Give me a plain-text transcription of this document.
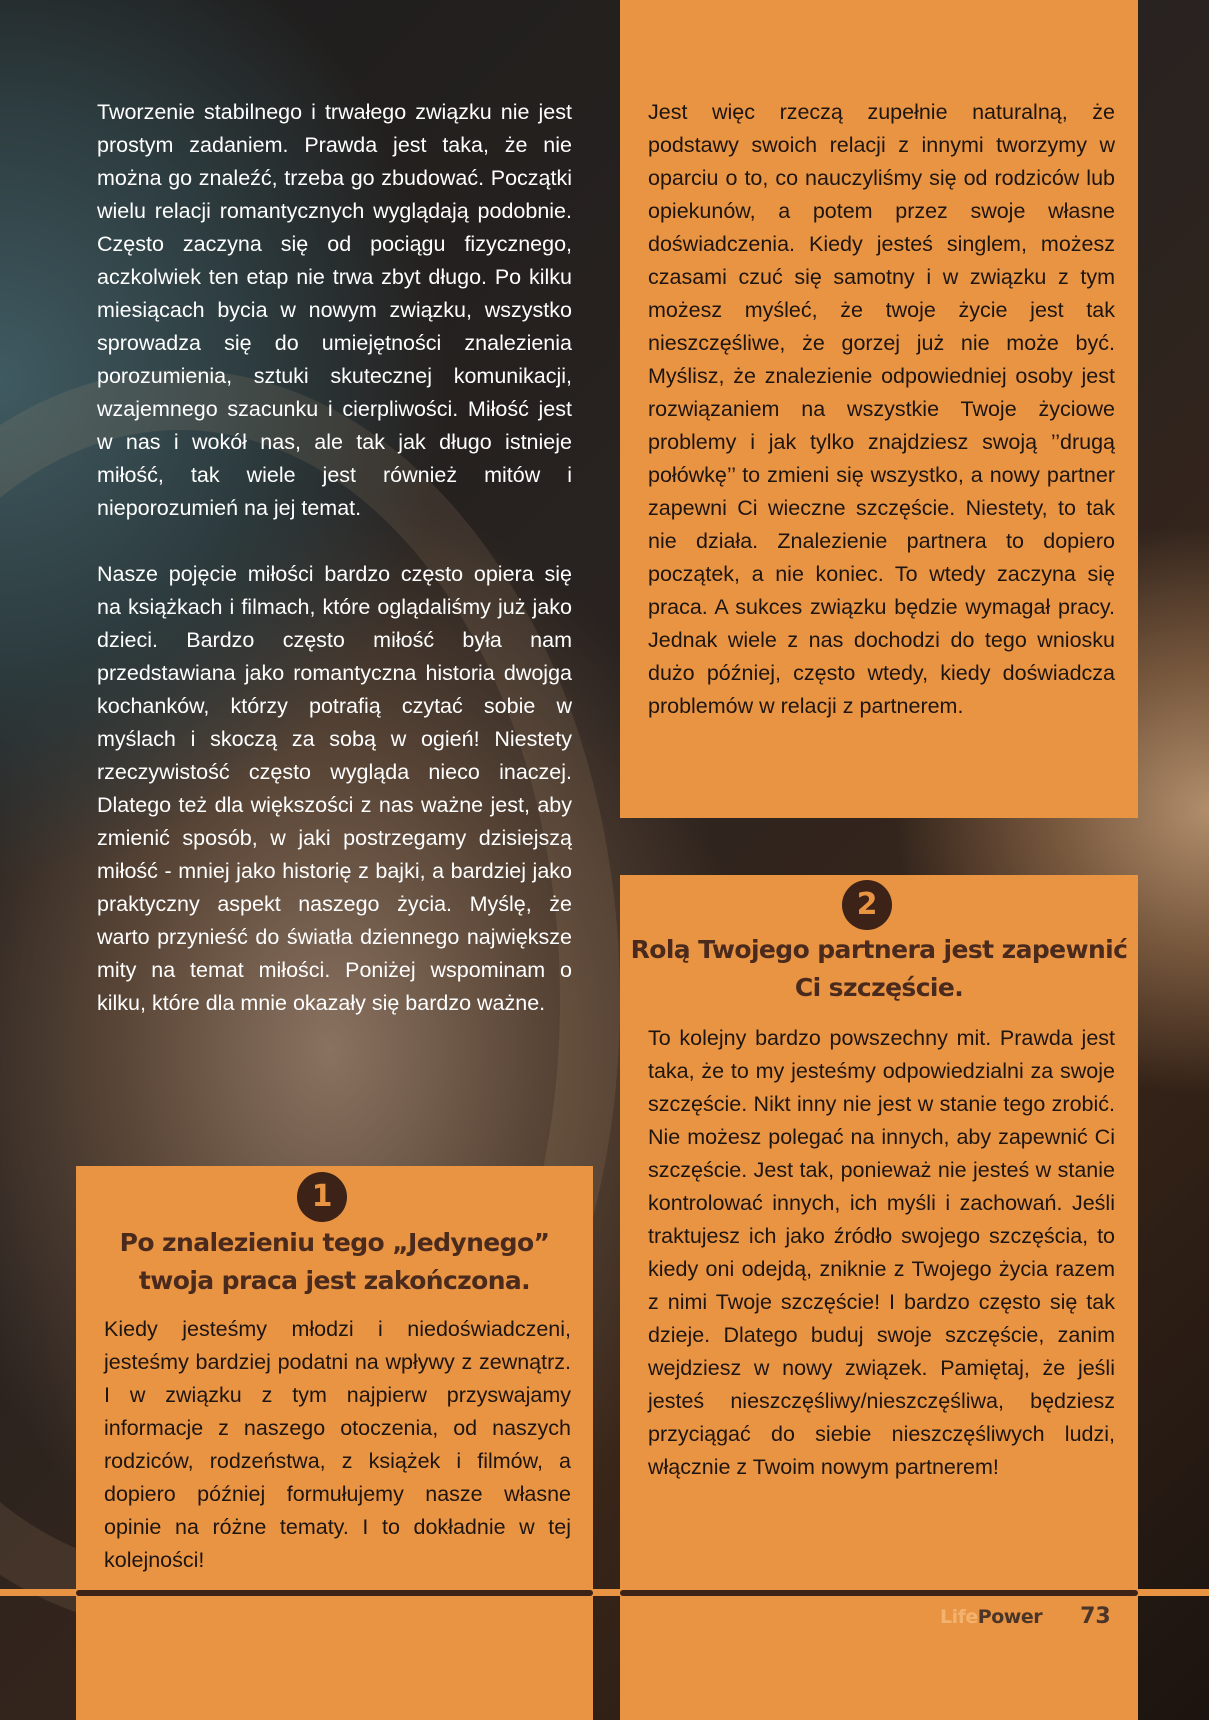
Tworzenie stabilnego i trwałego związku nie jest prostym zadaniem. Prawda jest taka, że nie można go znaleźć, trzeba go zbudować. Początki wielu relacji romantycznych wyglądają podobnie. Często zaczyna się od pociągu fizycznego, aczkolwiek ten etap nie trwa zbyt długo. Po kilku miesiącach bycia w nowym związku, wszystko sprowadza się do umiejętności znalezienia porozumienia, sztuki skutecznej komunikacji, wzajemnego szacunku i cierpliwości. Miłość jest w nas i wokół nas, ale tak jak długo istnieje miłość, tak wiele jest również mitów i nieporozumień na jej temat.

Nasze pojęcie miłości bardzo często opiera się na książkach i filmach, które oglądaliśmy już jako dzieci. Bardzo często miłość była nam przedstawiana jako romantyczna historia dwojga kochanków, którzy potrafią czytać sobie w myślach i skoczą za sobą w ogień! Niestety rzeczywistość często wygląda nieco inaczej. Dlatego też dla większości z nas ważne jest, aby zmienić sposób, w jaki postrzegamy dzisiejszą miłość - mniej jako historię z bajki, a bardziej jako praktyczny aspekt naszego życia. Myślę, że warto przynieść do światła dziennego największe mity na temat miłości. Poniżej wspominam o kilku, które dla mnie okazały się bardzo ważne.

Jest więc rzeczą zupełnie naturalną, że podstawy swoich relacji z innymi tworzymy w oparciu o to, co nauczyliśmy się od rodziców lub opiekunów, a potem przez swoje własne doświadczenia. Kiedy jesteś singlem, możesz czasami czuć się samotny i w związku z tym możesz myśleć, że twoje życie jest tak nieszczęśliwe, że gorzej już nie może być. Myślisz, że znalezienie odpowiedniej osoby jest rozwiązaniem na wszystkie Twoje życiowe problemy i jak tylko znajdziesz swoją ’’drugą połówkę’’ to zmieni się wszystko, a nowy partner zapewni Ci wieczne szczęście. Niestety, to tak nie działa. Znalezienie partnera to dopiero początek, a nie koniec. To wtedy zaczyna się praca. A sukces związku będzie wymagał pracy. Jednak wiele z nas dochodzi do tego wniosku dużo później, często wtedy, kiedy doświadcza problemów w relacji z partnerem.

2
Rolą Twojego partnera jest zapewnić
Ci szczęście.

To kolejny bardzo powszechny mit. Prawda jest taka, że to my jesteśmy odpowiedzialni za swoje szczęście. Nikt inny nie jest w stanie tego zrobić. Nie możesz polegać na innych, aby zapewnić Ci szczęście. Jest tak, ponieważ nie jesteś w stanie kontrolować innych, ich myśli i zachowań. Jeśli traktujesz ich jako źródło swojego szczęścia, to kiedy oni odejdą, zniknie z Twojego życia razem z nimi Twoje szczęście! I bardzo często się tak dzieje. Dlatego buduj swoje szczęście, zanim wejdziesz w nowy związek. Pamiętaj, że jeśli jesteś nieszczęśliwy/nieszczęśliwa, będziesz przyciągać do siebie nieszczęśliwych ludzi, włącznie z Twoim nowym partnerem!

1
Po znalezieniu tego „Jedynego”
twoja praca jest zakończona.

Kiedy jesteśmy młodzi i niedoświadczeni, jesteśmy bardziej podatni na wpływy z zewnątrz. I w związku z tym najpierw przyswajamy informacje z naszego otoczenia, od naszych rodziców, rodzeństwa, z książek i filmów, a dopiero później formułujemy nasze własne opinie na różne tematy. I to dokładnie w tej kolejności!

LifePower 73
